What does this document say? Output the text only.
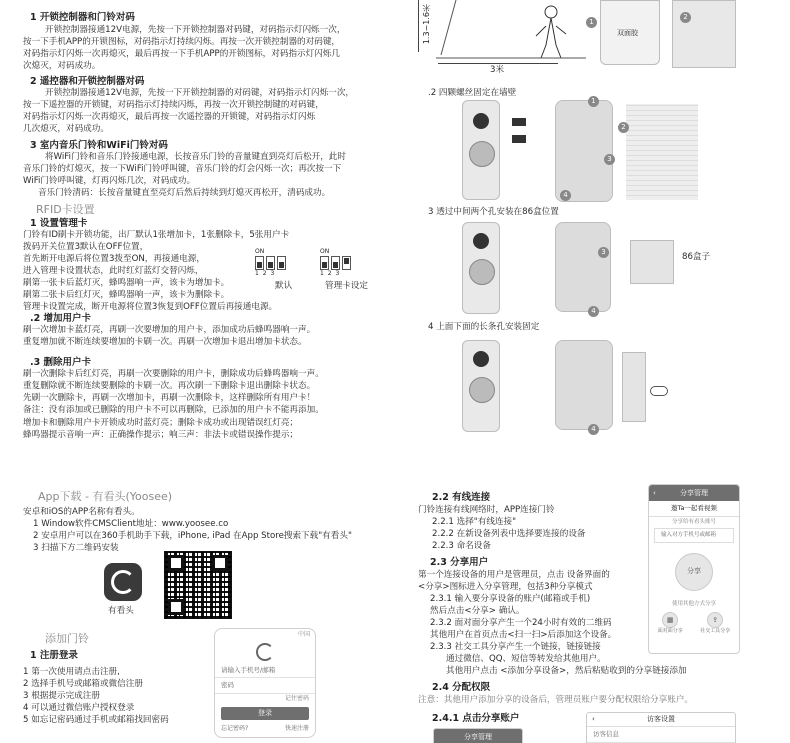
1 开锁控制器和门铃对码
开锁控制器接通12V电源，先按一下开锁控制器对码键，对码指示灯闪烁一次，
按一下手机APP的开锁图标，对码指示灯持续闪烁。再按一次开锁控制器的对码键，
对码指示灯闪烁一次再熄灭，最后再按一下手机APP的开锁图标，对码指示灯闪烁几
次熄灭，对码成功。
2 遥控器和开锁控制器对码
开锁控制器接通12V电源，先按一下开锁控制器的对码键，对码指示灯闪烁一次，
按一下遥控器的开锁键，对码指示灯持续闪烁，再按一次开锁控制键的对码键，
对码指示灯闪烁一次再熄灭，最后再按一次遥控器的开锁键，对码指示灯闪烁
几次熄灭，对码成功。
3 室内音乐门铃和WiFi门铃对码
将WiFi门铃和音乐门铃接通电源，长按音乐门铃的音量键直到亮灯后松开，此时
音乐门铃的灯熄灭，按一下WiFi门铃呼叫键，音乐门铃的灯会闪烁一次；再次按一下
WiFi门铃呼叫键，灯再闪烁几次，对码成功。
音乐门铃清码：长按音量键直至亮灯后然后持续到灯熄灭再松开，清码成功。
RFID卡设置
1 设置管理卡
门铃有ID刷卡开锁功能，出厂默认1张增加卡，1张删除卡，5张用户卡
拨码开关位置3默认在OFF位置，
首先断开电源后将位置3拨至ON，再接通电源，
进入管理卡设置状态，此时红灯蓝灯交替闪烁，
刷第一张卡后蓝灯灭，蜂鸣器响一声，该卡为增加卡。
刷第二张卡后红灯灭，蜂鸣器响一声，该卡为删除卡。
管理卡设置完成，断开电源将位置3恢复到OFF位置后再接通电源。
ON
1 2 3
默认
ON
1 2 3
管理卡设定
.2 增加用户卡
刷一次增加卡蓝灯亮，再刷一次要增加的用户卡，添加成功后蜂鸣器响一声。
重复增加就不断连续要增加的卡刷一次。再刷一次增加卡退出增加卡状态。
.3 删除用户卡
刷一次删除卡后红灯亮，再刷一次要删除的用户卡，删除成功后蜂鸣器响一声。
重复删除就不断连续要删除的卡刷一次。再次刷一下删除卡退出删除卡状态。
先刷一次删除卡，再刷一次增加卡，再刷一次删除卡，这样删除所有用户卡！
备注：没有添加或已删除的用户卡不可以再删除，已添加的用户卡不能再添加。
增加卡和删除用户卡开锁成功时蓝灯亮；删除卡成功或出现错误红灯亮；
蜂鸣器提示音响一声：正确操作提示；响三声：非法卡或错误操作提示；
1.3~1.6米
3米
双面胶
1
2
.2 四颗螺丝固定在墙壁
2
1
3
4
3 透过中间两个孔安装在86盒位置
86盒子
3
4
4 上面下面的长条孔安装固定
4
App下载 - 有看头(Yoosee)
安卓和iOS的APP名称有看头。
1 Window软件CMSClient地址：www.yoosee.co
2 安卓用户可以在360手机助手下载，iPhone, iPad 在App Store搜索下载"有看头"
3 扫描下方二维码安装
有看头
添加门铃
1 注册登录
1 第一次使用请点击注册,
2 选择手机号或邮箱或微信注册
3 根据提示完成注册
4 可以通过微信账户授权登录
5 如忘记密码通过手机或邮箱找回密码
中国
请输入手机号/邮箱
密码
记住密码
登录
忘记密码?	快速注册
2.2 有线连接
门铃连接有线网络时，APP连接门铃
2.2.1 选择"有线连接"
2.2.2 在新设备列表中选择要连接的设备
2.2.3 命名设备
2.3 分享用户
第一个连接设备的用户是管理员，点击 设备界面的
<分享>图标进入分享管理，包括3种分享模式
2.3.1 输入要分享设备的账户(邮箱或手机)
然后点击<分享> 确认。
2.3.2 面对面分享产生一个24小时有效的二维码
其他用户在首页点击<扫一扫>后添加这个设备。
2.3.3 社交工具分享产生一个链接，链接链接
通过微信、QQ、短信等转发给其他用户。
其他用户点击 <添加分享设备>，然后粘贴收到的分享链接添加
2.4 分配权限
注意：其他用户添加分享的设备后，管理员账户要分配权限给分享账户。
2.4.1 点击分享账户
‹	分享管理
邀Ta一起看视频
分享给有看头账号
输入对方手机号或邮箱
分享
使用其他方式分享
▦
面对面分享
⇪
社交工具分享
分享管理
‹	访客设置
访客信息
